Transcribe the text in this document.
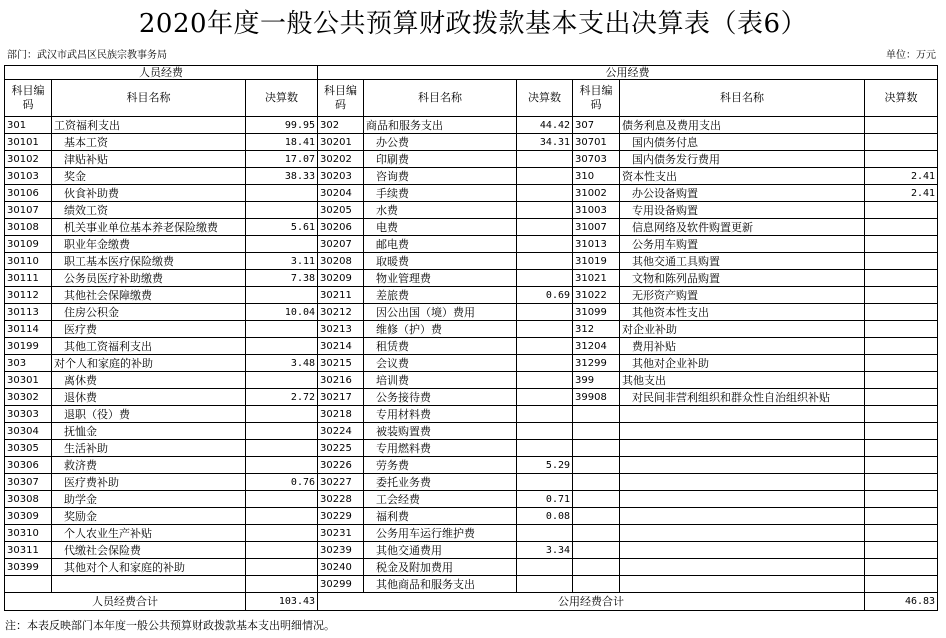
2020年度一般公共预算财政拨款基本支出决算表（表6）
部门：武汉市武昌区民族宗教事务局	单位：万元
人员经费			公用经费					
科目编码	科目名称	决算数	科目编码	科目名称	决算数	科目编码	科目名称	决算数
301	工资福利支出	99.95	302	商品和服务支出	44.42	307	债务利息及费用支出	
30101	基本工资	18.41	30201	办公费	34.31	30701	国内债务付息	
30102	津贴补贴	17.07	30202	印刷费		30703	国内债务发行费用	
30103	奖金	38.33	30203	咨询费		310	资本性支出	2.41
30106	伙食补助费		30204	手续费		31002	办公设备购置	2.41
30107	绩效工资		30205	水费		31003	专用设备购置	
30108	机关事业单位基本养老保险缴费	5.61	30206	电费		31007	信息网络及软件购置更新	
30109	职业年金缴费		30207	邮电费		31013	公务用车购置	
30110	职工基本医疗保险缴费	3.11	30208	取暖费		31019	其他交通工具购置	
30111	公务员医疗补助缴费	7.38	30209	物业管理费		31021	文物和陈列品购置	
30112	其他社会保障缴费		30211	差旅费	0.69	31022	无形资产购置	
30113	住房公积金	10.04	30212	因公出国（境）费用		31099	其他资本性支出	
30114	医疗费		30213	维修（护）费		312	对企业补助	
30199	其他工资福利支出		30214	租赁费		31204	费用补贴	
303	对个人和家庭的补助	3.48	30215	会议费		31299	其他对企业补助	
30301	离休费		30216	培训费		399	其他支出	
30302	退休费	2.72	30217	公务接待费		39908	对民间非营利组织和群众性自治组织补贴	
30303	退职（役）费		30218	专用材料费				
30304	抚恤金		30224	被装购置费				
30305	生活补助		30225	专用燃料费				
30306	救济费		30226	劳务费	5.29			
30307	医疗费补助	0.76	30227	委托业务费				
30308	助学金		30228	工会经费	0.71			
30309	奖励金		30229	福利费	0.08			
30310	个人农业生产补贴		30231	公务用车运行维护费				
30311	代缴社会保险费		30239	其他交通费用	3.34			
30399	其他对个人和家庭的补助		30240	税金及附加费用				
			30299	其他商品和服务支出				
人员经费合计		103.43	公用经费合计					46.83
注：本表反映部门本年度一般公共预算财政拨款基本支出明细情况。
